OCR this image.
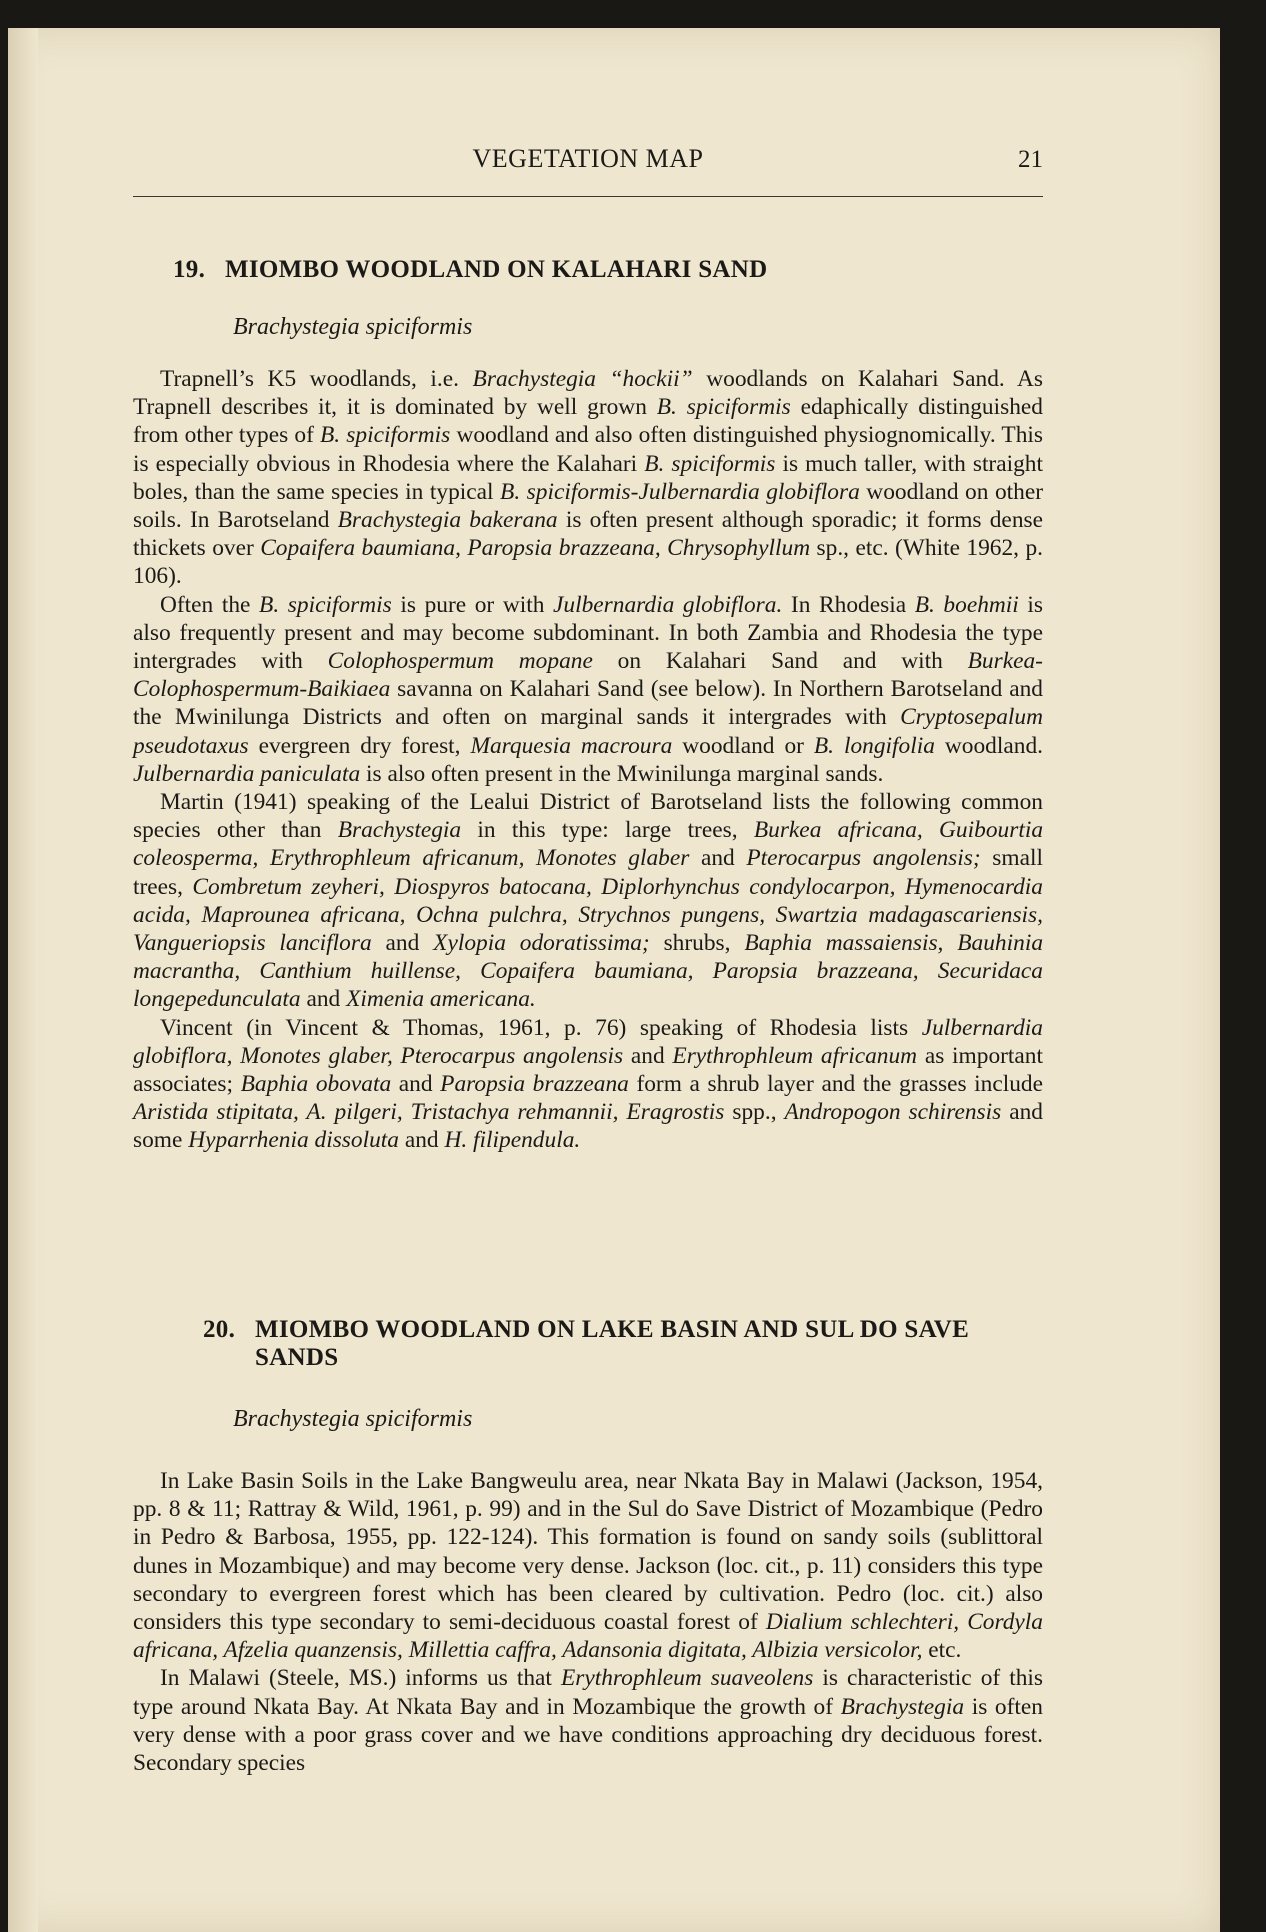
VEGETATION MAP	21
19. MIOMBO WOODLAND ON KALAHARI SAND

Brachystegia spiciformis

Trapnell’s K5 woodlands, i.e. Brachystegia “hockii” woodlands on Kalahari Sand. As Trapnell describes it, it is dominated by well grown B. spiciformis edaphically distinguished from other types of B. spiciformis woodland and also often distinguished physiognomically. This is especially obvious in Rhodesia where the Kalahari B. spiciformis is much taller, with straight boles, than the same species in typical B. spiciformis-Julbernardia globiflora woodland on other soils. In Barotseland Brachystegia bakerana is often present although sporadic; it forms dense thickets over Copaifera baumiana, Paropsia brazzeana, Chrysophyllum sp., etc. (White 1962, p. 106).

Often the B. spiciformis is pure or with Julbernardia globiflora. In Rhodesia B. boehmii is also frequently present and may become subdominant. In both Zambia and Rhodesia the type intergrades with Colophospermum mopane on Kalahari Sand and with Burkea-Colophospermum-Baikiaea savanna on Kalahari Sand (see below). In Northern Barotseland and the Mwinilunga Districts and often on marginal sands it intergrades with Cryptosepalum pseudotaxus evergreen dry forest, Marquesia macroura woodland or B. longifolia woodland. Julbernardia paniculata is also often present in the Mwinilunga marginal sands.

Martin (1941) speaking of the Lealui District of Barotseland lists the following common species other than Brachystegia in this type: large trees, Burkea africana, Guibourtia coleosperma, Erythrophleum africanum, Monotes glaber and Pterocarpus angolensis; small trees, Combretum zeyheri, Diospyros batocana, Diplorhynchus condylocarpon, Hymenocardia acida, Maprounea africana, Ochna pulchra, Strychnos pungens, Swartzia madagascariensis, Vangueriopsis lanciflora and Xylopia odoratissima; shrubs, Baphia massaiensis, Bauhinia macrantha, Canthium huillense, Copaifera baumiana, Paropsia brazzeana, Securidaca longepedunculata and Ximenia americana.

Vincent (in Vincent & Thomas, 1961, p. 76) speaking of Rhodesia lists Julbernardia globiflora, Monotes glaber, Pterocarpus angolensis and Erythrophleum africanum as important associates; Baphia obovata and Paropsia brazzeana form a shrub layer and the grasses include Aristida stipitata, A. pilgeri, Tristachya rehmannii, Eragrostis spp., Andropogon schirensis and some Hyparrhenia dissoluta and H. filipendula.

20. MIOMBO WOODLAND ON LAKE BASIN AND SUL DO SAVE SANDS

Brachystegia spiciformis

In Lake Basin Soils in the Lake Bangweulu area, near Nkata Bay in Malawi (Jackson, 1954, pp. 8 & 11; Rattray & Wild, 1961, p. 99) and in the Sul do Save District of Mozambique (Pedro in Pedro & Barbosa, 1955, pp. 122-124). This formation is found on sandy soils (sublittoral dunes in Mozambique) and may become very dense. Jackson (loc. cit., p. 11) considers this type secondary to evergreen forest which has been cleared by cultivation. Pedro (loc. cit.) also considers this type secondary to semi-deciduous coastal forest of Dialium schlechteri, Cordyla africana, Afzelia quanzensis, Millettia caffra, Adansonia digitata, Albizia versicolor, etc.

In Malawi (Steele, MS.) informs us that Erythrophleum suaveolens is characteristic of this type around Nkata Bay. At Nkata Bay and in Mozambique the growth of Brachystegia is often very dense with a poor grass cover and we have conditions approaching dry deciduous forest. Secondary species
